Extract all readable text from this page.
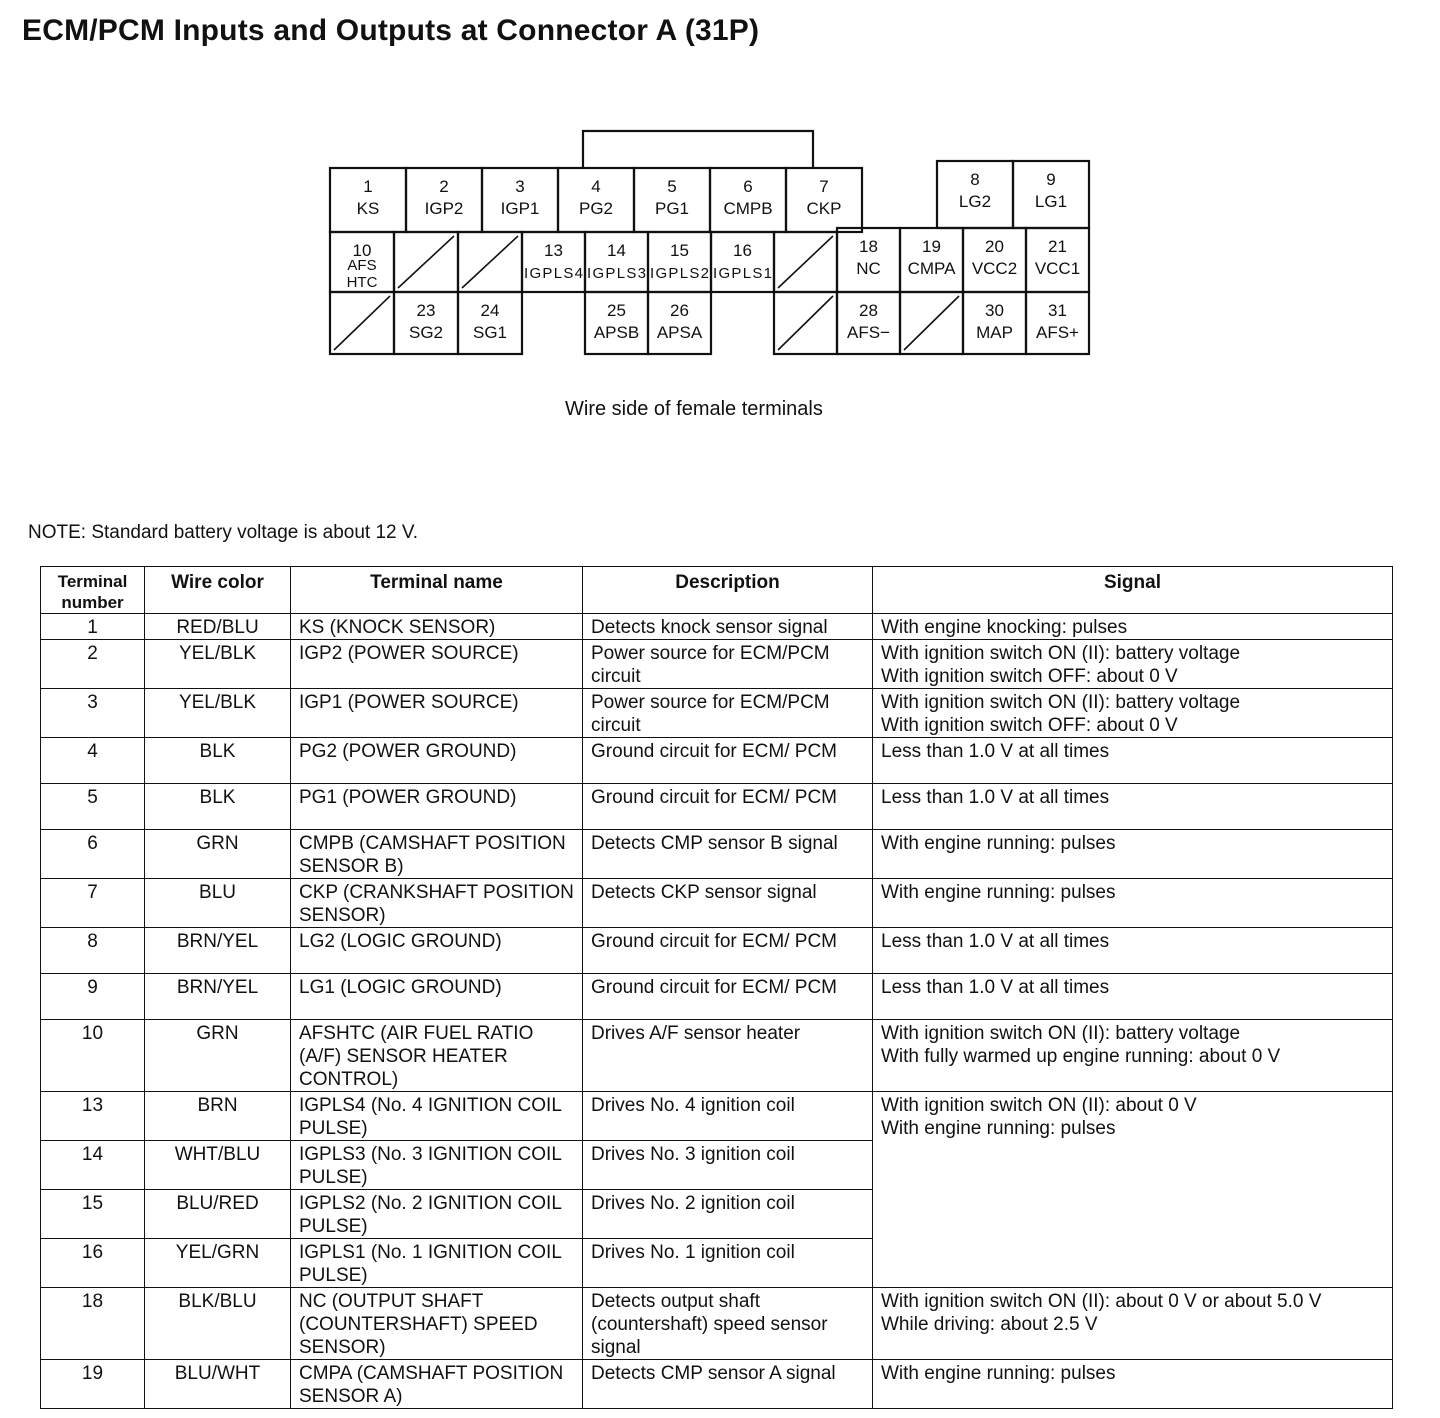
ECM/PCM Inputs and Outputs at Connector A (31P)
1
KS
2
IGP2
3
IGP1
4
PG2
5
PG1
6
CMPB
7
CKP
8
LG2
9
LG1
10
AFS HTC
13
IGPLS4
14
IGPLS3
15
IGPLS2
16
IGPLS1
18
NC
19
CMPA
20
VCC2
21
VCC1
23
SG2
24
SG1
25
APSB
26
APSA
28
AFS−
30
MAP
31
AFS+
Wire side of female terminals
NOTE: Standard battery voltage is about 12 V.
Terminal number	Wire color	Terminal name	Description	Signal
1	RED/BLU	KS (KNOCK SENSOR)	Detects knock sensor signal	With engine knocking: pulses
2	YEL/BLK	IGP2 (POWER SOURCE)	Power source for ECM/PCM circuit	With ignition switch ON (II): battery voltage
With ignition switch OFF: about 0 V
3	YEL/BLK	IGP1 (POWER SOURCE)	Power source for ECM/PCM circuit	With ignition switch ON (II): battery voltage
With ignition switch OFF: about 0 V
4	BLK	PG2 (POWER GROUND)	Ground circuit for ECM/ PCM	Less than 1.0 V at all times
5	BLK	PG1 (POWER GROUND)	Ground circuit for ECM/ PCM	Less than 1.0 V at all times
6	GRN	CMPB (CAMSHAFT POSITION SENSOR B)	Detects CMP sensor B signal	With engine running: pulses
7	BLU	CKP (CRANKSHAFT POSITION SENSOR)	Detects CKP sensor signal	With engine running: pulses
8	BRN/YEL	LG2 (LOGIC GROUND)	Ground circuit for ECM/ PCM	Less than 1.0 V at all times
9	BRN/YEL	LG1 (LOGIC GROUND)	Ground circuit for ECM/ PCM	Less than 1.0 V at all times
10	GRN	AFSHTC (AIR FUEL RATIO (A/F) SENSOR HEATER CONTROL)	Drives A/F sensor heater	With ignition switch ON (II): battery voltage
With fully warmed up engine running: about 0 V
13	BRN	IGPLS4 (No. 4 IGNITION COIL PULSE)	Drives No. 4 ignition coil	With ignition switch ON (II): about 0 V
With engine running: pulses
14	WHT/BLU	IGPLS3 (No. 3 IGNITION COIL PULSE)	Drives No. 3 ignition coil	
15	BLU/RED	IGPLS2 (No. 2 IGNITION COIL PULSE)	Drives No. 2 ignition coil	
16	YEL/GRN	IGPLS1 (No. 1 IGNITION COIL PULSE)	Drives No. 1 ignition coil	
18	BLK/BLU	NC (OUTPUT SHAFT (COUNTERSHAFT) SPEED SENSOR)	Detects output shaft (countershaft) speed sensor signal	With ignition switch ON (II): about 0 V or about 5.0 V
While driving: about 2.5 V
19	BLU/WHT	CMPA (CAMSHAFT POSITION SENSOR A)	Detects CMP sensor A signal	With engine running: pulses
